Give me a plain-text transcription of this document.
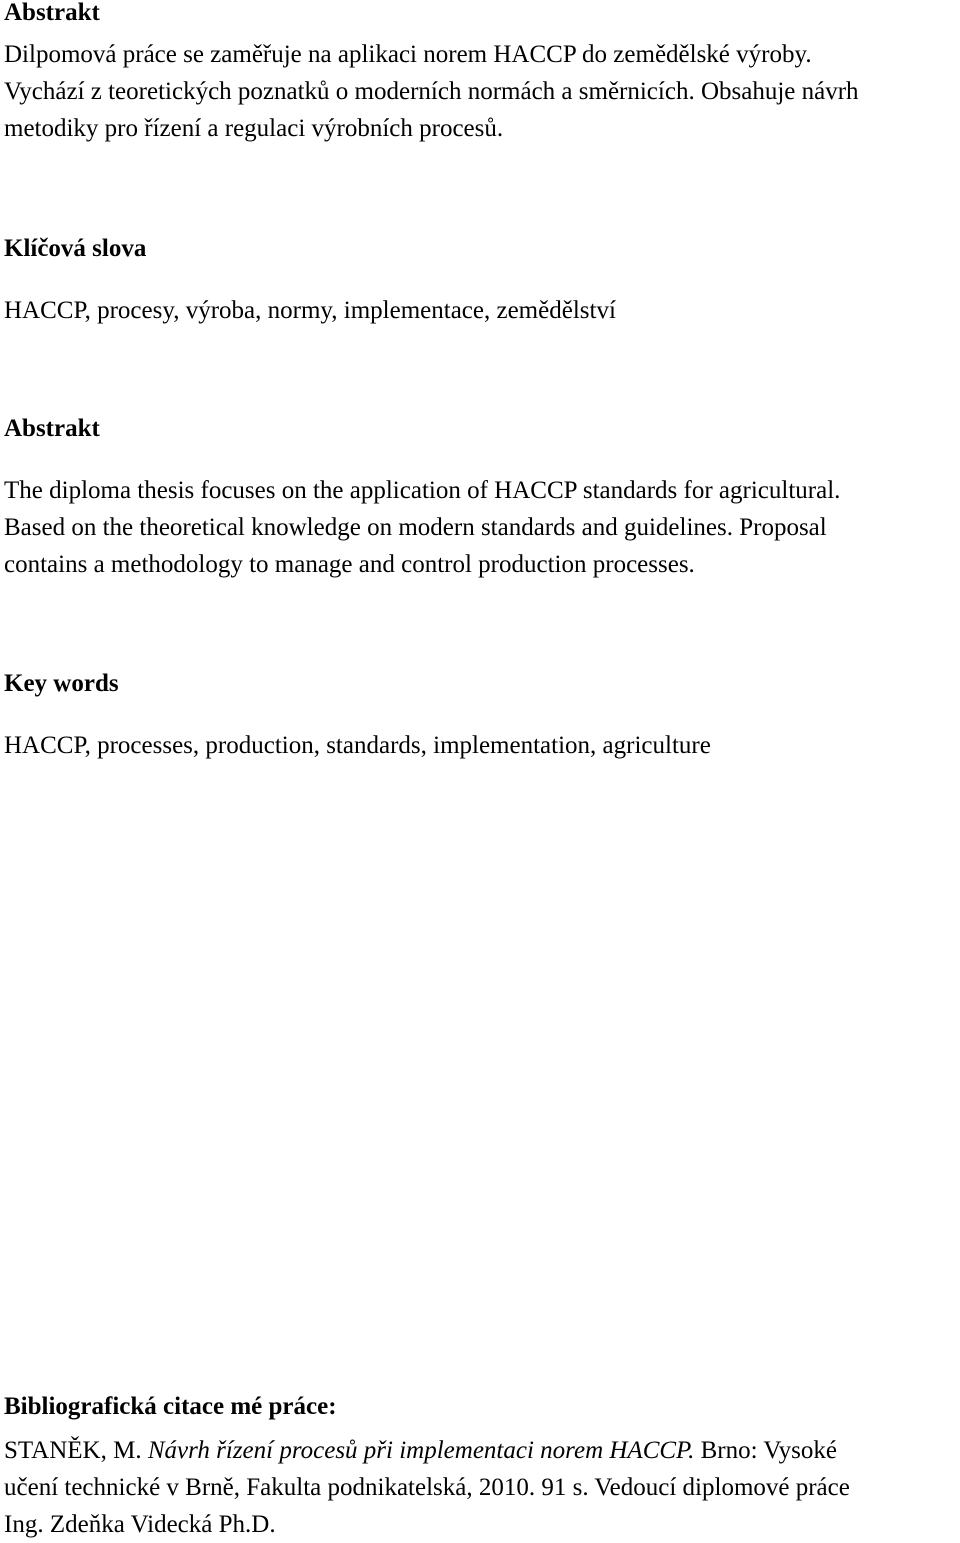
Abstrakt

Dilpomová práce se zaměřuje na aplikaci norem HACCP do zemědělské výroby.
Vychází z teoretických poznatků o moderních normách a směrnicích. Obsahuje návrh
metodiky pro řízení a regulaci výrobních procesů.

Klíčová slova

HACCP, procesy, výroba, normy, implementace, zemědělství

Abstrakt

The diploma thesis focuses on the application of HACCP standards for agricultural.
Based on the theoretical knowledge on modern standards and guidelines. Proposal
contains a methodology to manage and control production processes.

Key words

HACCP, processes, production, standards, implementation, agriculture

Bibliografická citace mé práce:

STANĚK, M. Návrh řízení procesů při implementaci norem HACCP. Brno: Vysoké
učení technické v Brně, Fakulta podnikatelská, 2010. 91 s. Vedoucí diplomové práce
Ing. Zdeňka Videcká Ph.D.
